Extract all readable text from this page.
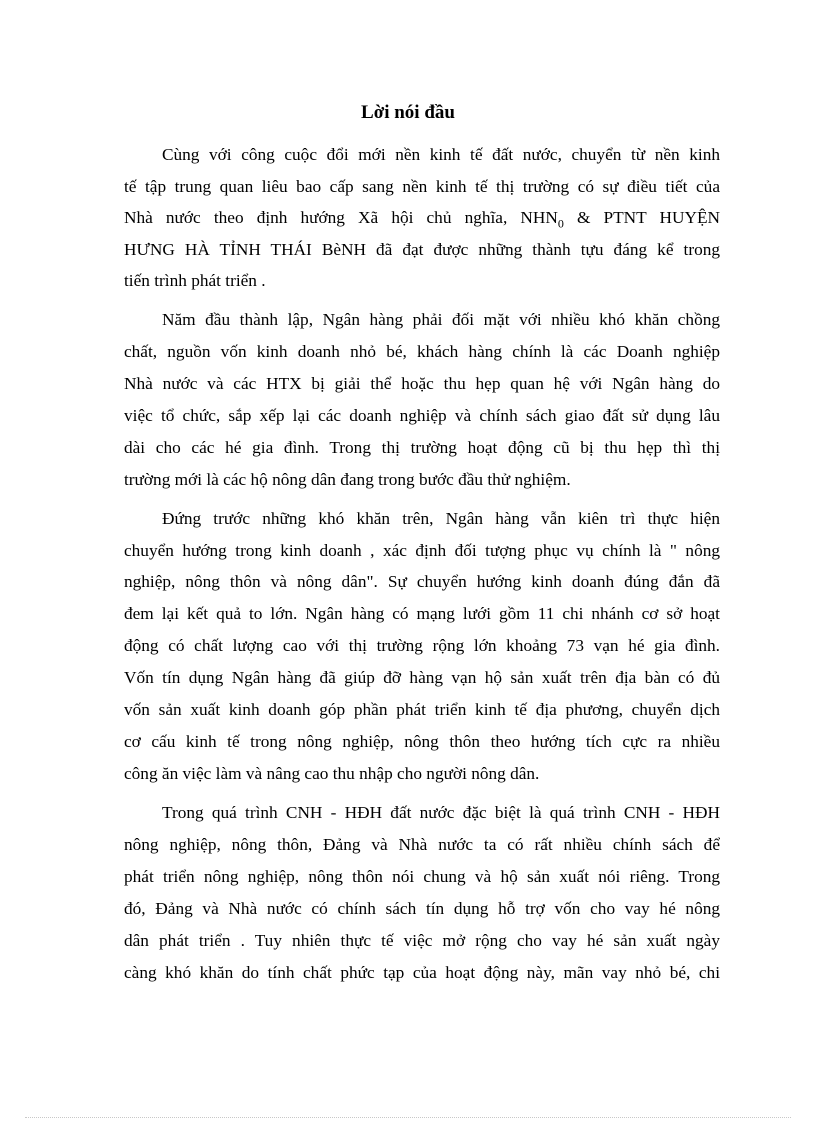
Lời nói đầu
Cùng với công cuộc đổi mới nền kinh tế đất nước, chuyển từ nền kinh
tế tập trung quan liêu bao cấp sang nền kinh tế thị trường có sự điều tiết của
Nhà nước theo định hướng Xã hội chủ nghĩa, $NHN_0$ & PTNT HUYỆN
HƯNG HÀ TỈNH THÁI BèNH đã đạt được những thành tựu đáng kể trong
tiến trình phát triển .
Năm đầu thành lập, Ngân hàng phải đối mặt với nhiều khó khăn chồng
chất, nguồn vốn kinh doanh nhỏ bé, khách hàng chính là các Doanh nghiệp
Nhà nước và các HTX bị giải thể hoặc thu hẹp quan hệ với Ngân hàng do
việc tổ chức, sắp xếp lại các doanh nghiệp và chính sách giao đất sử dụng lâu
dài cho các hé gia đình. Trong thị trường hoạt động cũ bị thu hẹp thì thị
trường mới là các hộ nông dân đang trong bước đầu thử nghiệm.
Đứng trước những khó khăn trên, Ngân hàng vẫn kiên trì thực hiện
chuyển hướng trong kinh doanh , xác định đối tượng phục vụ chính là " nông
nghiệp, nông thôn và nông dân". Sự chuyển hướng kinh doanh đúng đắn đã
đem lại kết quả to lớn. Ngân hàng có mạng lưới gồm 11 chi nhánh cơ sở hoạt
động có chất lượng cao với thị trường rộng lớn khoảng 73 vạn hé gia đình.
Vốn tín dụng Ngân hàng đã giúp đỡ hàng vạn hộ sản xuất trên địa bàn có đủ
vốn sản xuất kinh doanh góp phần phát triển kinh tế địa phương, chuyển dịch
cơ cấu kinh tế trong nông nghiệp, nông thôn theo hướng tích cực ra nhiều
công ăn việc làm và nâng cao thu nhập cho người nông dân.
Trong quá trình CNH - HĐH đất nước đặc biệt là quá trình CNH - HĐH
nông nghiệp, nông thôn, Đảng và Nhà nước ta có rất nhiều chính sách để
phát triển nông nghiệp, nông thôn nói chung và hộ sản xuất nói riêng. Trong
đó, Đảng và Nhà nước có chính sách tín dụng hỗ trợ vốn cho vay hé nông
dân phát triển . Tuy nhiên thực tế việc mở rộng cho vay hé sản xuất ngày
càng khó khăn do tính chất phức tạp của hoạt động này, mãn vay nhỏ bé, chi
